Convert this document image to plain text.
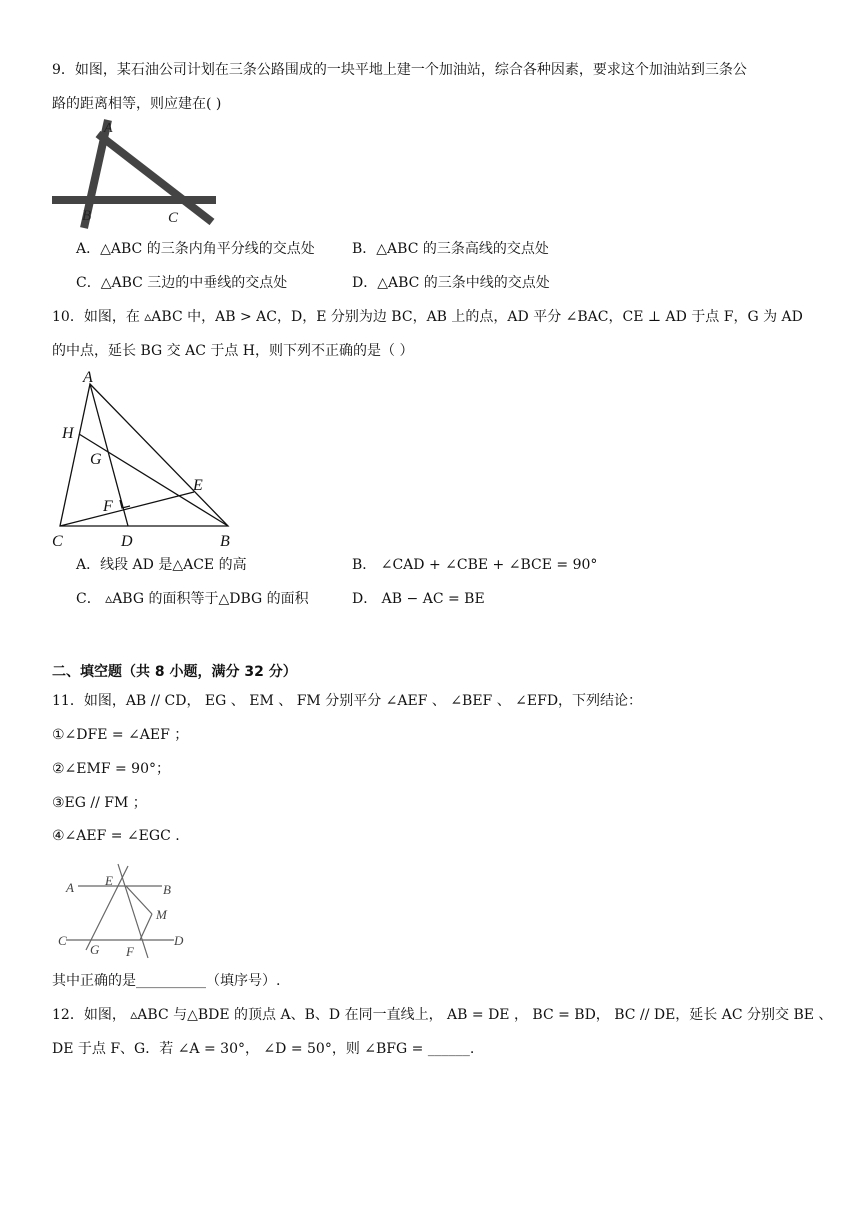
9．如图，某石油公司计划在三条公路围成的一块平地上建一个加油站，综合各种因素，要求这个加油站到三条公
路的距离相等，则应建在( )
A
B	C
A．△ABC 的三条内角平分线的交点处	B．△ABC 的三条高线的交点处
C．△ABC 三边的中垂线的交点处	D．△ABC 的三条中线的交点处
10．如图，在 ▵ABC 中，AB > AC，D，E 分别为边 BC，AB 上的点，AD 平分 ∠BAC，CE ⊥ AD 于点 F，G 为 AD
的中点，延长 BG 交 AC 于点 H，则下列不正确的是（ ）
A
H
G
E
F
C	D	B
A．线段 AD 是△ACE 的高	B． ∠CAD + ∠CBE + ∠BCE = 90°
C． ▵ABG 的面积等于△DBG 的面积	D． AB − AC = BE
二、填空题（共 8 小题，满分 32 分）
11．如图，AB // CD， EG 、 EM 、 FM 分别平分 ∠AEF 、 ∠BEF 、 ∠EFD，下列结论：
①∠DFE = ∠AEF ；
②∠EMF = 90°；
③EG // FM ；
④∠AEF = ∠EGC .
A E
B
M
C
G F
D
其中正确的是__________（填序号）.
12．如图， ▵ABC 与△BDE 的顶点 A、B、D 在同一直线上， AB = DE ， BC = BD， BC // DE，延长 AC 分别交 BE 、
DE 于点 F、G．若 ∠A = 30°， ∠D = 50°，则 ∠BFG = ______.
